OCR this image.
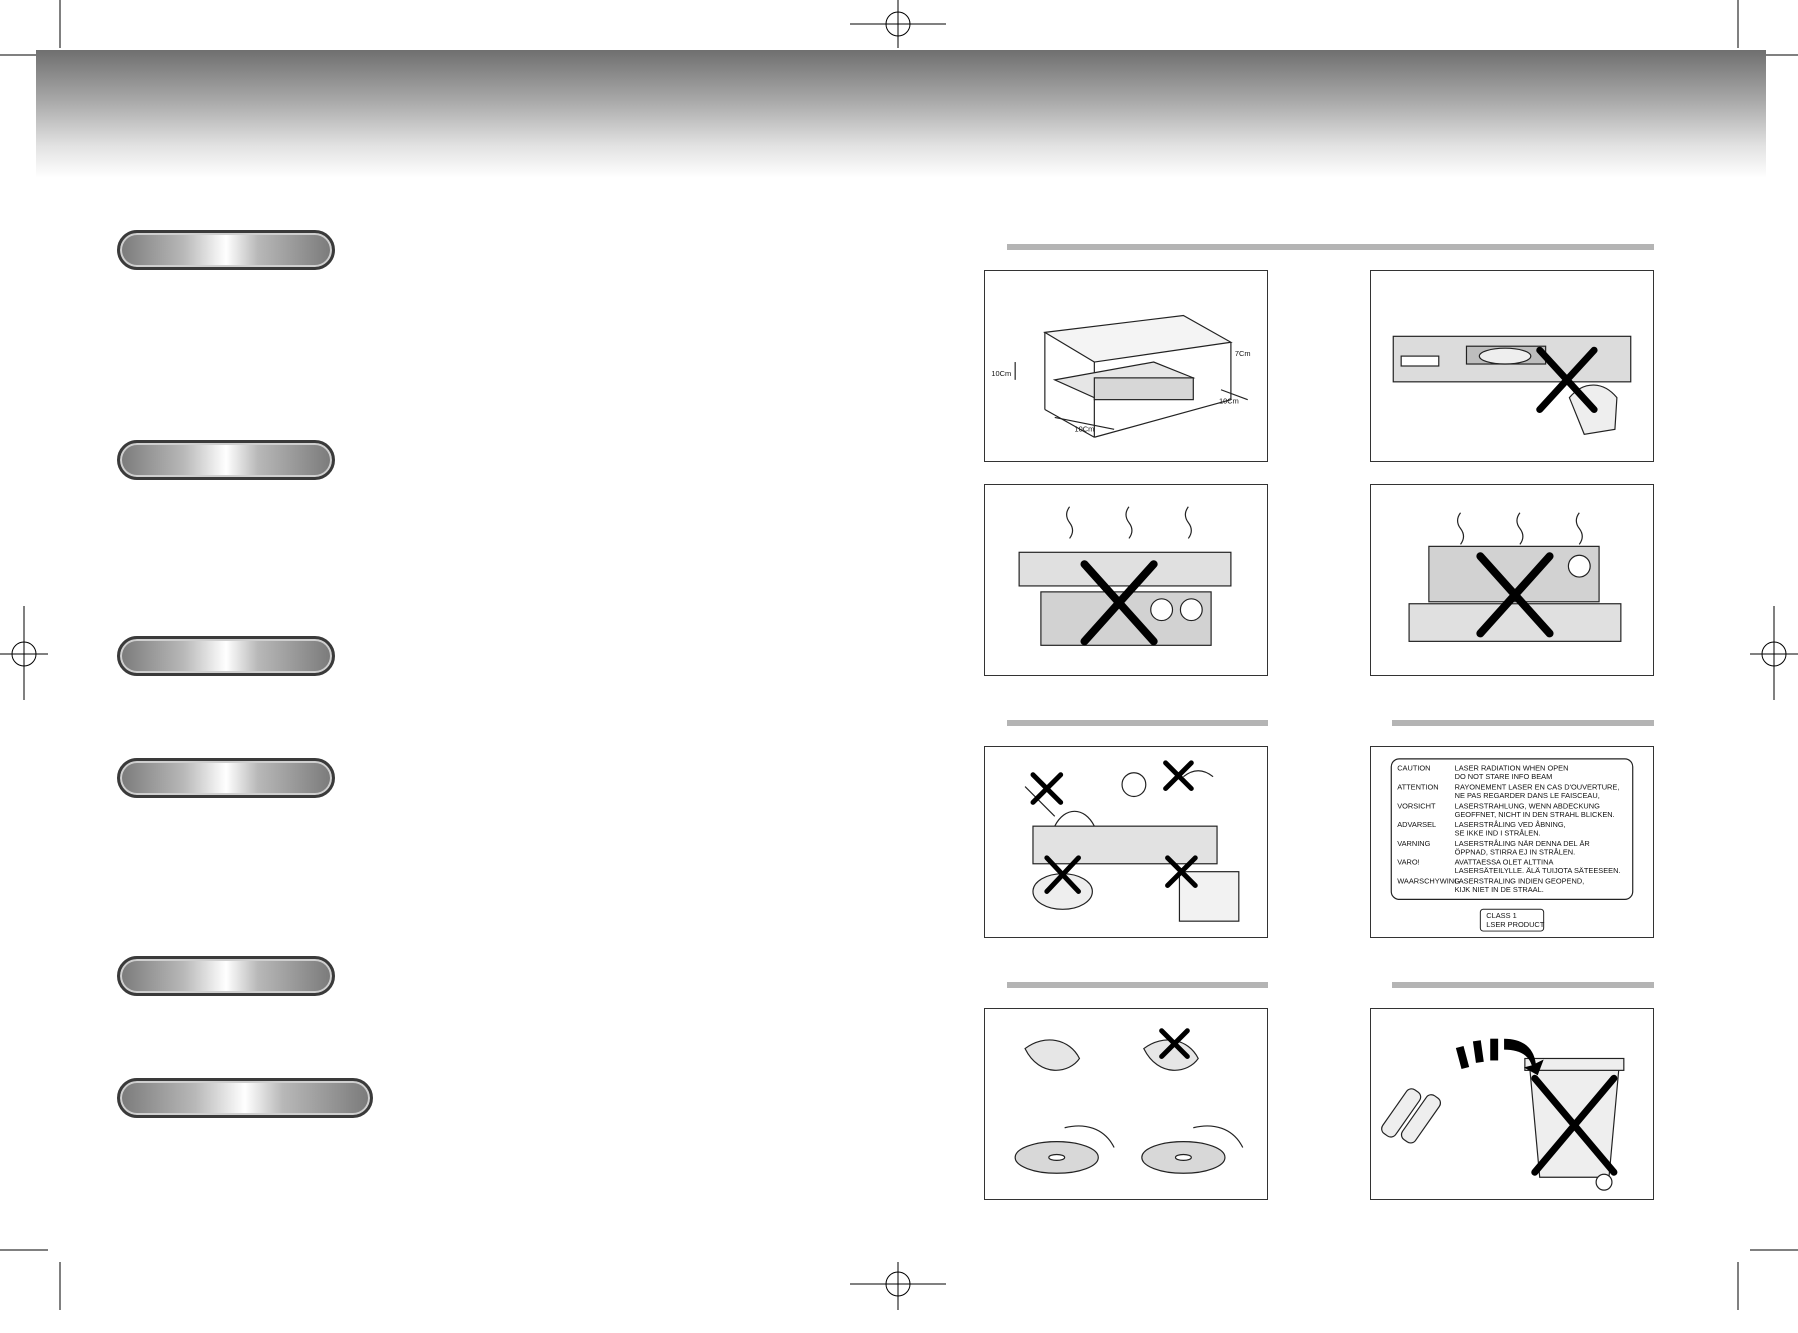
10Cm
7Cm
10Cm
10Cm
CAUTION	LASER RADIATION WHEN OPEN
DO NOT STARE INFO BEAM
ATTENTION RAYONEMENT LASER EN CAS D'OUVERTURE,
NE PAS REGARDER DANS LE FAISCEAU,
VORSICHT	LASERSTRAHLUNG, WENN ABDECKUNG
GEOFFNET, NICHT IN DEN STRAHL BLICKEN.
ADVARSEL LASERSTRÅLING VED ÅBNING,
SE IKKE IND I STRÅLEN.
VARNING	LASERSTRÅLING NÄR DENNA DEL ÄR
ÖPPNAD, STIRRA EJ IN STRÅLEN.
VARO!	AVATTAESSA OLET ALTTINA
LASERSÄTEILYLLE. ÄLÄ TUIJOTA SÄTEESEEN.
WAARSCHYWING
LASERSTRALING INDIEN GEOPEND,
KIJK NIET IN DE STRAAL.
CLASS 1
LSER PRODUCT
